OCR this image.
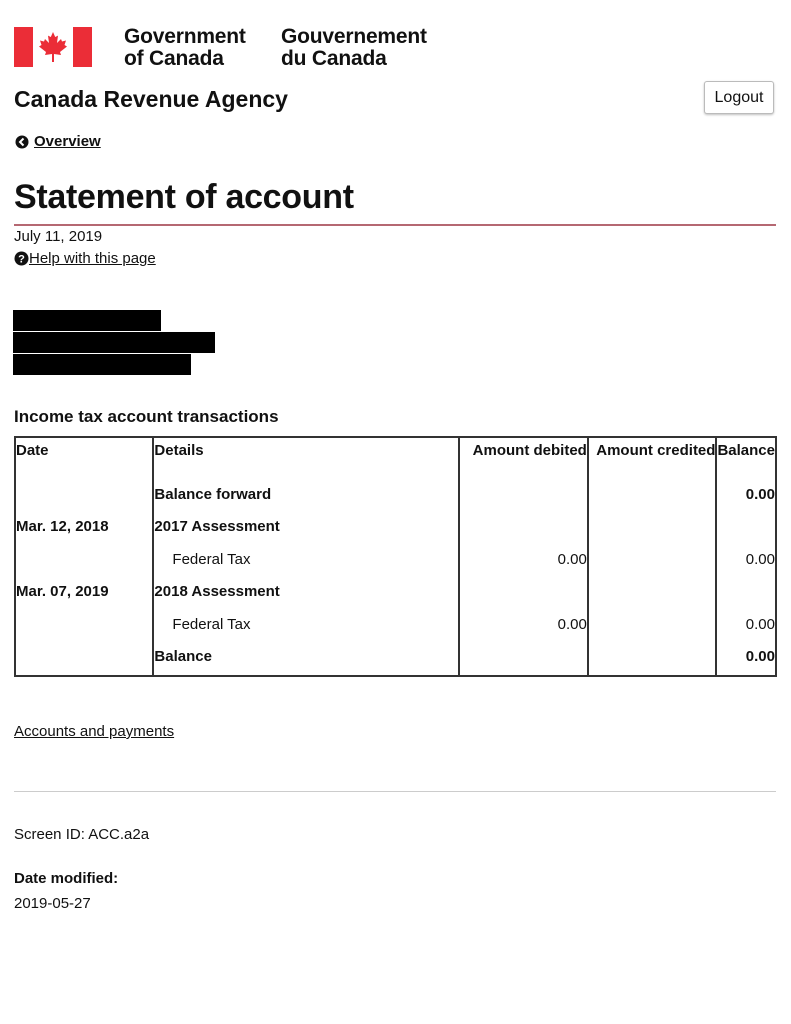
Government
of Canada
Gouvernement
du Canada
Canada Revenue Agency	Logout
Overview
Statement of account
July 11, 2019
? Help with this page
Income tax account transactions
Date	Details	Amount debited	Amount credited	Balance
	Balance forward			0.00
Mar. 12, 2018	2017 Assessment			
	Federal Tax	0.00		0.00
Mar. 07, 2019	2018 Assessment			
	Federal Tax	0.00		0.00
	Balance			0.00
Accounts and payments
Screen ID: ACC.a2a
Date modified:
2019-05-27
